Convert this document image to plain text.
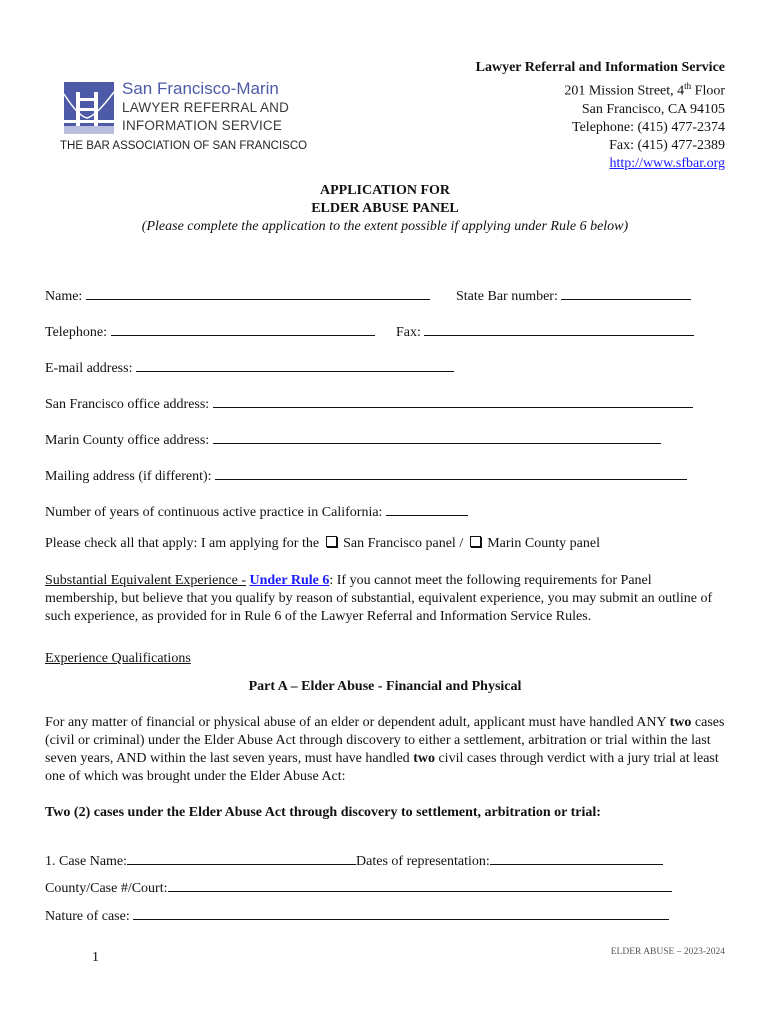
San Francisco-Marin
LAWYER REFERRAL AND
INFORMATION SERVICE
THE BAR ASSOCIATION OF SAN FRANCISCO
Lawyer Referral and Information Service
201 Mission Street, 4th Floor
San Francisco, CA 94105
Telephone: (415) 477-2374
Fax: (415) 477-2389
http://www.sfbar.org
APPLICATION FOR
ELDER ABUSE PANEL
(Please complete the application to the extent possible if applying under Rule 6 below)
Name:	State Bar number:
Telephone:	Fax:
E-mail address:
San Francisco office address:
Marin County office address:
Mailing address (if different):
Number of years of continuous active practice in California:
Please check all that apply: I am applying for the San Francisco panel / Marin County panel
Substantial Equivalent Experience - Under Rule 6: If you cannot meet the following requirements for Panel membership, but believe that you qualify by reason of substantial, equivalent experience, you may submit an outline of such experience, as provided for in Rule 6 of the Lawyer Referral and Information Service Rules.
Experience Qualifications
Part A – Elder Abuse - Financial and Physical
For any matter of financial or physical abuse of an elder or dependent adult, applicant must have handled ANY two cases (civil or criminal) under the Elder Abuse Act through discovery to either a settlement, arbitration or trial within the last seven years, AND within the last seven years, must have handled two civil cases through verdict with a jury trial at least one of which was brought under the Elder Abuse Act:
Two (2) cases under the Elder Abuse Act through discovery to settlement, arbitration or trial:
1. Case Name:	Dates of representation:
County/Case #/Court:
Nature of case:
1	ELDER ABUSE – 2023-2024
